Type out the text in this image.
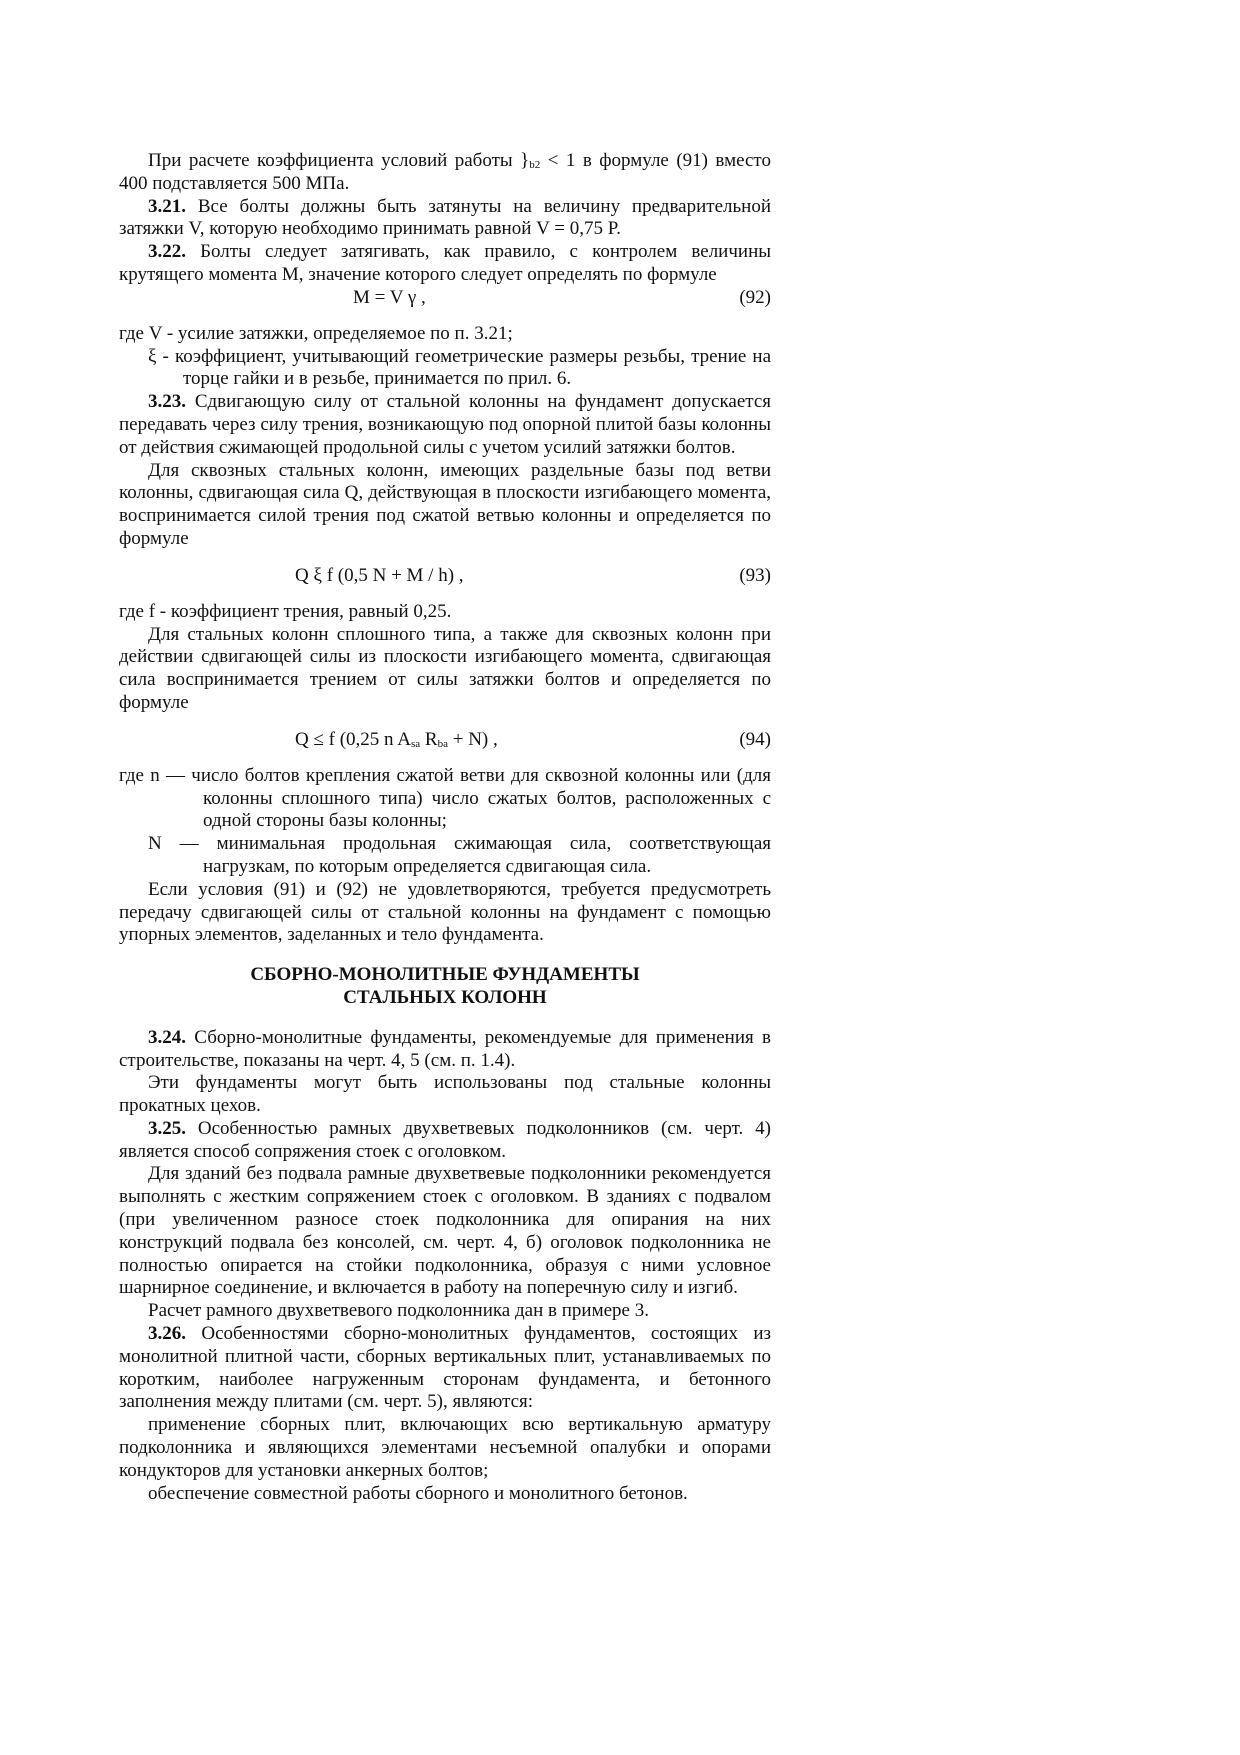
При расчете коэффициента условий работы }$_{b2} < 1$ в формуле (91) вместо 400 подставляется 500 МПа.

3.21. Все болты должны быть затянуты на величину предварительной затяжки V, которую необходимо принимать равной V = 0,75 P.

3.22. Болты следует затягивать, как правило, с контролем величины крутящего момента M, значение которого следует определять по формуле

M = V γ ,	(92)

где V - усилие затяжки, определяемое по п. 3.21;

ξ - коэффициент, учитывающий геометрические размеры резьбы, трение на торце гайки и в резьбе, принимается по прил. 6.

3.23. Сдвигающую силу от стальной колонны на фундамент допускается передавать через силу трения, возникающую под опорной плитой базы колонны от действия сжимающей продольной силы с учетом усилий затяжки болтов.

Для сквозных стальных колонн, имеющих раздельные базы под ветви колонны, сдвигающая сила Q, действующая в плоскости изгибающего момента, воспринимается силой трения под сжатой ветвью колонны и определяется по формуле

Q ξ f (0,5 N + M / h) ,	(93)

где f - коэффициент трения, равный 0,25.

Для стальных колонн сплошного типа, а также для сквозных колонн при действии сдвигающей силы из плоскости изгибающего момента, сдвигающая сила воспринимается трением от силы затяжки болтов и определяется по формуле

Q ≤ f (0,25 n $A_{sa}$ $R_{ba} + N$) ,	(94)

где n — число болтов крепления сжатой ветви для сквозной колонны или (для колонны сплошного типа) число сжатых болтов, расположенных с одной стороны базы колонны;

N — минимальная продольная сжимающая сила, соответствующая нагрузкам, по которым определяется сдвигающая сила.

Если условия (91) и (92) не удовлетворяются, требуется предусмотреть передачу сдвигающей силы от стальной колонны на фундамент с помощью упорных элементов, заделанных и тело фундамента.

СБОРНО-МОНОЛИТНЫЕ ФУНДАМЕНТЫ
СТАЛЬНЫХ КОЛОНН

3.24. Сборно-монолитные фундаменты, рекомендуемые для применения в строительстве, показаны на черт. 4, 5 (см. п. 1.4).

Эти фундаменты могут быть использованы под стальные колонны прокатных цехов.

3.25. Особенностью рамных двухветвевых подколонников (см. черт. 4) является способ сопряжения стоек с оголовком.

Для зданий без подвала рамные двухветвевые подколонники рекомендуется выполнять с жестким сопряжением стоек с оголовком. В зданиях с подвалом (при увеличенном разносе стоек подколонника для опирания на них конструкций подвала без консолей, см. черт. 4, б) оголовок подколонника не полностью опирается на стойки подколонника, образуя с ними условное шарнирное соединение, и включается в работу на поперечную силу и изгиб.

Расчет рамного двухветвевого подколонника дан в примере 3.

3.26. Особенностями сборно-монолитных фундаментов, состоящих из монолитной плитной части, сборных вертикальных плит, устанавливаемых по коротким, наиболее нагруженным сторонам фундамента, и бетонного заполнения между плитами (см. черт. 5), являются:

применение сборных плит, включающих всю вертикальную арматуру подколонника и являющихся элементами несъемной опалубки и опорами кондукторов для установки анкерных болтов;

обеспечение совместной работы сборного и монолитного бетонов.
